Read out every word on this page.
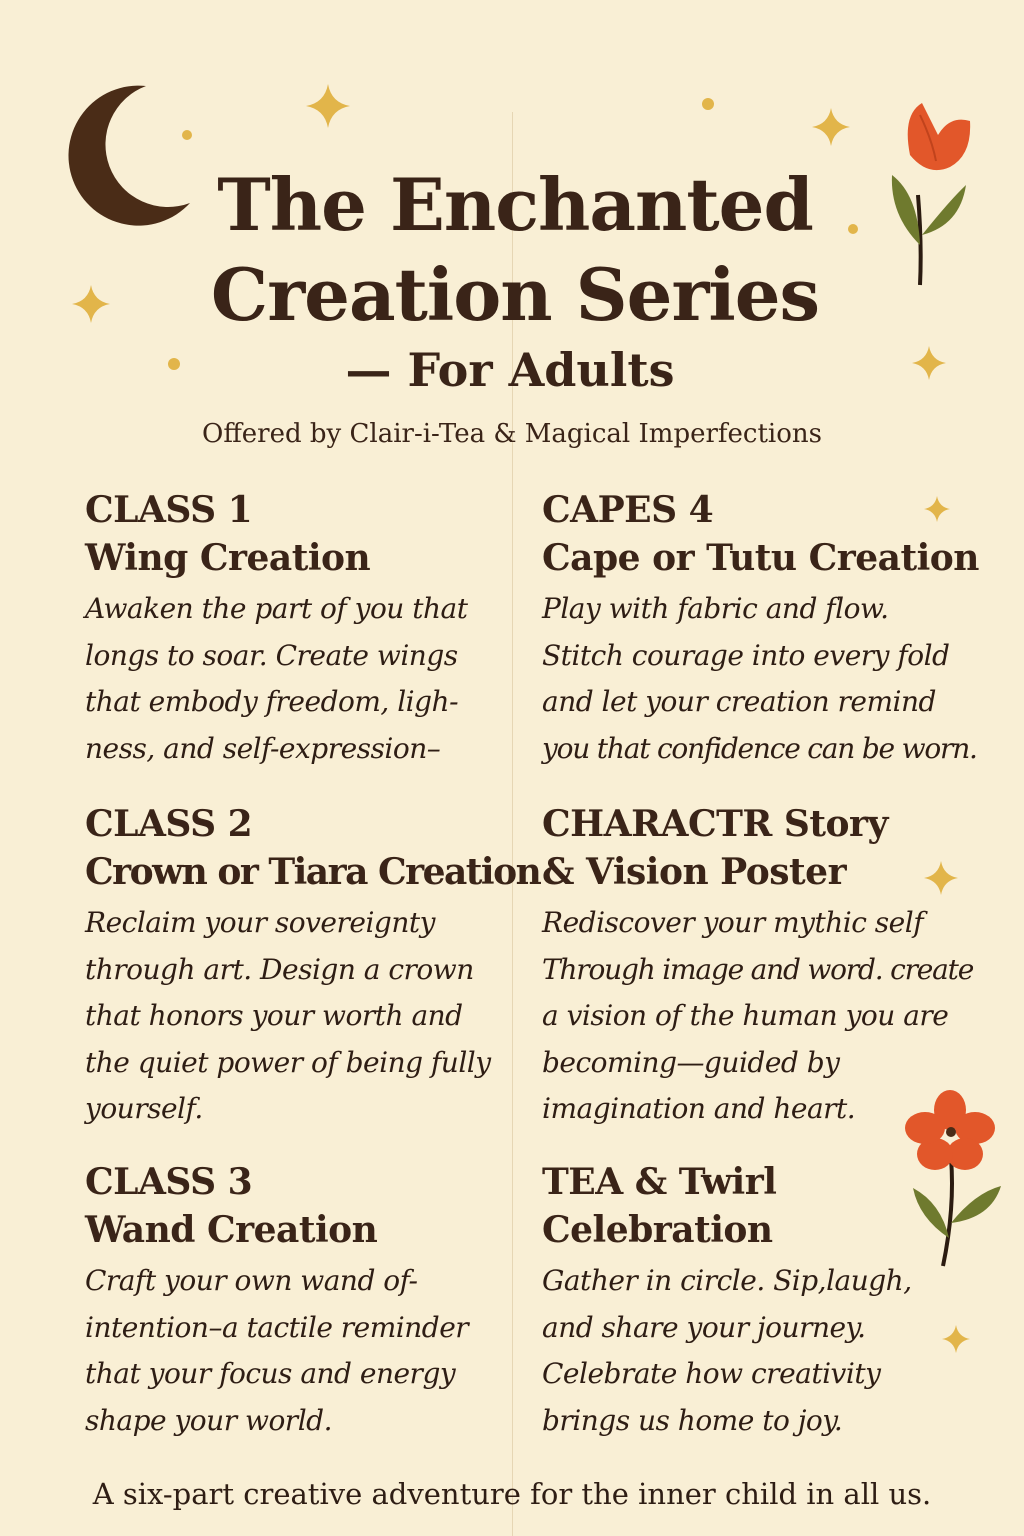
The Enchanted
Creation Series
— For Adults
Offered by Clair-i-Tea & Magical Imperfections
CLASS 1
Wing Creation
Awaken the part of you that
longs to soar. Create wings
that embody freedom, ligh-
ness, and self-expression–
CLASS 2
Crown or Tiara Creation
Reclaim your sovereignty
through art. Design a crown
that honors your worth and
the quiet power of being fully
yourself.
CLASS 3
Wand Creation
Craft your own wand of-
intention–a tactile reminder
that your focus and energy
shape your world.
CAPES 4
Cape or Tutu Creation
Play with fabric and flow.
Stitch courage into every fold
and let your creation remind
you that confidence can be worn.
CHARACTR Story
& Vision Poster
Rediscover your mythic self
Through image and word. create
a vision of the human you are
becoming—guided by
imagination and heart.
TEA & Twirl
Celebration
Gather in circle. Sip,laugh,
and share your journey.
Celebrate how creativity
brings us home to joy.
A six-part creative adventure for the inner child in all us.
